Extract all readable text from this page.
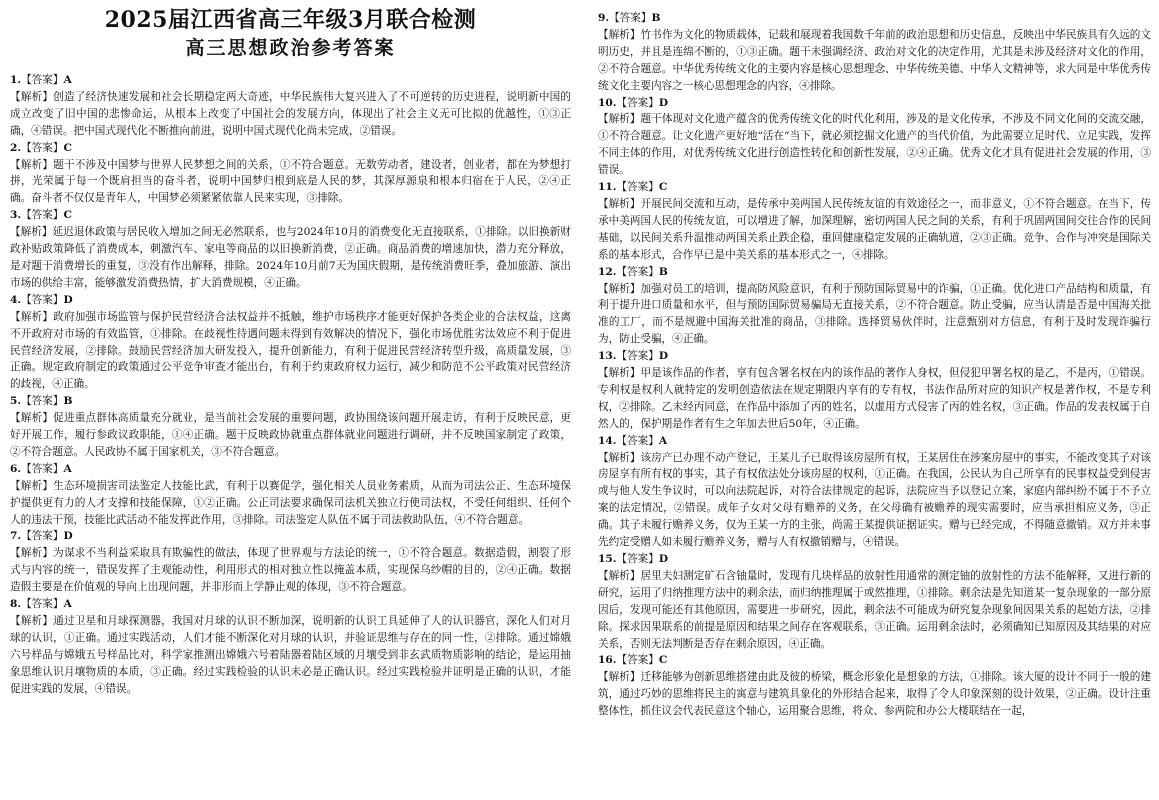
2025届江西省高三年级3月联合检测
高三思想政治参考答案
1.【答案】A
【解析】创造了经济快速发展和社会长期稳定两大奇迹，中华民族伟大复兴进入了不可逆转的历史进程，说明新中国的成立改变了旧中国的悲惨命运，从根本上改变了中国社会的发展方向，体现出了社会主义无可比拟的优越性，①③正确，④错误。把中国式现代化不断推向前进，说明中国式现代化尚未完成，②错误。
2.【答案】C
【解析】题干不涉及中国梦与世界人民梦想之间的关系，①不符合题意。无数劳动者，建设者，创业者，都在为梦想打拼，光荣属于每一个既肩担当的奋斗者，说明中国梦归根到底是人民的梦，其深厚源泉和根本归宿在于人民，②④正确。奋斗者不仅仅是青年人，中国梦必须紧紧依靠人民来实现，③排除。
3.【答案】C
【解析】延迟退休政策与居民收入增加之间无必然联系，也与2024年10月的消费变化无直接联系，①排除。以旧换新财政补贴政策降低了消费成本，刺激汽车、家电等商品的以旧换新消费，②正确。商品消费的增速加快，潜力充分释放，是对题干消费增长的重复，③没有作出解释，排除。2024年10月前7天为国庆假期，是传统消费旺季，叠加旅游、演出市场的供给丰富，能够激发消费热情，扩大消费规模，④正确。
4.【答案】D
【解析】政府加强市场监管与保护民营经济合法权益并不抵触，维护市场秩序才能更好保护各类企业的合法权益，这离不开政府对市场的有效监管，①排除。在歧视性待遇问题未得到有效解决的情况下，强化市场优胜劣汰效应不利于促进民营经济发展，②排除。鼓励民营经济加大研发投入，提升创新能力，有利于促进民营经济转型升级，高质量发展，③正确。规定政府制定的政策通过公平竞争审查才能出台，有利于约束政府权力运行，减少和防范不公平政策对民营经济的歧视，④正确。
5.【答案】B
【解析】促进重点群体高质量充分就业，是当前社会发展的重要问题，政协围绕该问题开展走访，有利于反映民意，更好开展工作，履行参政议政职能，①④正确。题干反映政协就重点群体就业问题进行调研，并不反映国家制定了政策，②不符合题意。人民政协不属于国家机关，③不符合题意。
6.【答案】A
【解析】生态环境损害司法鉴定人技能比武，有利于以赛促学，强化相关人员业务素质，从而为司法公正、生态环境保护提供更有力的人才支撑和技能保障，①②正确。公正司法要求确保司法机关独立行使司法权，不受任何组织、任何个人的违法干预，技能比武活动不能发挥此作用，③排除。司法鉴定人队伍不属于司法救助队伍，④不符合题意。
7.【答案】D
【解析】为谋求不当利益采取具有欺骗性的做法，体现了世界观与方法论的统一，①不符合题意。数据造假，割裂了形式与内容的统一，错误发挥了主观能动性，利用形式的相对独立性以掩盖本质，实现保乌纱帽的目的，②④正确。数据造假主要是在价值观的导向上出现问题，并非形而上学静止观的体现，③不符合题意。
8.【答案】A
【解析】通过卫星和月球探测器，我国对月球的认识不断加深，说明新的认识工具延伸了人的认识器官，深化人们对月球的认识，①正确。通过实践活动，人们才能不断深化对月球的认识，并验证思维与存在的同一性，②排除。通过嫦娥六号样品与嫦娥五号样品比对，科学家推测出嫦娥六号着陆器着陆区域的月壤受到非玄武质物质影响的结论，是运用抽象思维认识月壤物质的本质，③正确。经过实践检验的认识未必是正确认识。经过实践检验并证明是正确的认识，才能促进实践的发展，④错误。
9.【答案】B
【解析】竹书作为文化的物质载体，记载和展现着我国数千年前的政治思想和历史信息，反映出中华民族具有久远的文明历史，并且是连绵不断的，①③正确。题干未强调经济、政治对文化的决定作用，尤其是未涉及经济对文化的作用，②不符合题意。中华优秀传统文化的主要内容是核心思想理念、中华传统美德、中华人文精神等，求大同是中华优秀传统文化主要内容之一核心思想理念的内容，④排除。
10.【答案】D
【解析】题干体现对文化遗产蕴含的优秀传统文化的时代化利用，涉及的是文化传承，不涉及不同文化间的交流交融，①不符合题意。让文化遗产更好地“活在”当下，就必须挖掘文化遗产的当代价值，为此需要立足时代、立足实践，发挥不同主体的作用，对优秀传统文化进行创造性转化和创新性发展，②④正确。优秀文化才具有促进社会发展的作用，③错误。
11.【答案】C
【解析】开展民间交流和互动，是传承中美两国人民传统友谊的有效途径之一，而非意义，①不符合题意。在当下，传承中美两国人民的传统友谊，可以增进了解，加深理解，密切两国人民之间的关系，有利于巩固两国间交往合作的民间基础，以民间关系升温推动两国关系止跌企稳，重回健康稳定发展的正确轨道，②③正确。竞争、合作与冲突是国际关系的基本形式，合作早已是中美关系的基本形式之一，④排除。
12.【答案】B
【解析】加强对员工的培训，提高防风险意识，有利于预防国际贸易中的诈骗，①正确。优化进口产品结构和质量，有利于提升进口质量和水平，但与预防国际贸易骗局无直接关系，②不符合题意。防止受骗，应当认清是否是中国海关批准的工厂，而不是规避中国海关批准的商品，③排除。选择贸易伙伴时，注意甄别对方信息，有利于及时发现诈骗行为，防止受骗，④正确。
13.【答案】D
【解析】甲是该作品的作者，享有包含署名权在内的该作品的著作人身权，但侵犯甲署名权的是乙，不是丙，①错误。专利权是权利人就特定的发明创造依法在规定期限内享有的专有权，书法作品所对应的知识产权是著作权，不是专利权，②排除。乙未经丙同意，在作品中添加了丙的姓名，以虚用方式侵害了丙的姓名权，③正确。作品的发表权属于自然人的，保护期是作者有生之年加去世后50年，④正确。
14.【答案】A
【解析】该房产已办理不动产登记，王某儿子已取得该房屋所有权，王某居住在涉案房屋中的事实，不能改变其子对该房屋享有所有权的事实，其子有权依法处分该房屋的权利，①正确。在我国，公民认为自己所享有的民事权益受到侵害或与他人发生争议时，可以向法院起诉，对符合法律规定的起诉，法院应当予以登记立案，家庭内部纠纷不属于不予立案的法定情况，②错误。成年子女对父母有赡养的义务，在父母确有被赡养的现实需要时，应当承担相应义务，③正确。其子未履行赡养义务，仅为王某一方的主张，尚需王某提供证据证实。赠与已经完成，不得随意撤销。双方并未事先约定受赠人如未履行赡养义务，赠与人有权撤销赠与，④错误。
15.【答案】D
【解析】居里夫妇测定矿石含铀量时，发现有几块样品的放射性用通常的测定铀的放射性的方法不能解释，又进行新的研究，运用了归纳推理方法中的剩余法，而归纳推理属于或然推理，①排除。剩余法是先知道某一复杂现象的一部分原因后，发现可能还有其他原因，需要进一步研究，因此，剩余法不可能成为研究复杂现象间因果关系的起始方法，②排除。探求因果联系的前提是原因和结果之间存在客观联系，③正确。运用剩余法时，必须确知已知原因及其结果的对应关系，否则无法判断是否存在剩余原因，④正确。
16.【答案】C
【解析】迁移能够为创新思维搭建由此及彼的桥梁，概念形象化是想象的方法，①排除。该大厦的设计不同于一般的建筑，通过巧妙的思维将民主的寓意与建筑具象化的外形结合起来，取得了令人印象深刻的设计效果，②正确。设计注重整体性，抓住议会代表民意这个轴心，运用聚合思维，将众、参两院和办公大楼联结在一起，
